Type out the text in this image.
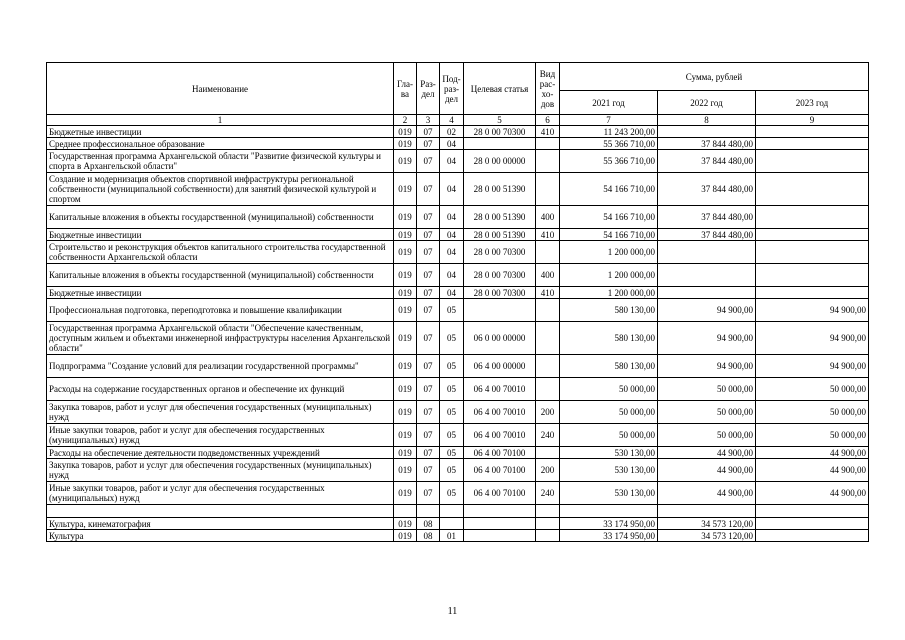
Наименование	Гла-ва	Раз-дел	Под-раз-дел	Целевая статья	Вид рас-хо-дов	Сумма, рублей		
						2021 год	2022 год	2023 год
1	2	3	4	5	6	7	8	9
Бюджетные инвестиции	019	07	02	28 0 00 70300	410	11 243 200,00		
Среднее профессиональное образование	019	07	04			55 366 710,00	37 844 480,00	
Государственная программа Архангельской области "Развитие физической культуры и спорта в Архангельской области"	019	07	04	28 0 00 00000		55 366 710,00	37 844 480,00	
Создание и модернизация объектов спортивной инфраструктуры региональной собственности (муниципальной собственности) для занятий физической культурой и спортом	019	07	04	28 0 00 51390		54 166 710,00	37 844 480,00	
Капитальные вложения в объекты государственной (муниципальной) собственности	019	07	04	28 0 00 51390	400	54 166 710,00	37 844 480,00	
Бюджетные инвестиции	019	07	04	28 0 00 51390	410	54 166 710,00	37 844 480,00	
Строительство и реконструкция объектов капитального строительства государственной собственности Архангельской области	019	07	04	28 0 00 70300		1 200 000,00		
Капитальные вложения в объекты государственной (муниципальной) собственности	019	07	04	28 0 00 70300	400	1 200 000,00		
Бюджетные инвестиции	019	07	04	28 0 00 70300	410	1 200 000,00		
Профессиональная подготовка, переподготовка и повышение квалификации	019	07	05			580 130,00	94 900,00	94 900,00
Государственная программа Архангельской области "Обеспечение качественным, доступным жильем и объектами инженерной инфраструктуры населения Архангельской области"	019	07	05	06 0 00 00000		580 130,00	94 900,00	94 900,00
Подпрограмма "Создание условий для реализации государственной программы"	019	07	05	06 4 00 00000		580 130,00	94 900,00	94 900,00
Расходы на содержание государственных органов и обеспечение их функций	019	07	05	06 4 00 70010		50 000,00	50 000,00	50 000,00
Закупка товаров, работ и услуг для обеспечения государственных (муниципальных) нужд	019	07	05	06 4 00 70010	200	50 000,00	50 000,00	50 000,00
Иные закупки товаров, работ и услуг для обеспечения государственных (муниципальных) нужд	019	07	05	06 4 00 70010	240	50 000,00	50 000,00	50 000,00
Расходы на обеспечение деятельности подведомственных учреждений	019	07	05	06 4 00 70100		530 130,00	44 900,00	44 900,00
Закупка товаров, работ и услуг для обеспечения государственных (муниципальных) нужд	019	07	05	06 4 00 70100	200	530 130,00	44 900,00	44 900,00
Иные закупки товаров, работ и услуг для обеспечения государственных (муниципальных) нужд	019	07	05	06 4 00 70100	240	530 130,00	44 900,00	44 900,00

Культура, кинематография	019	08				33 174 950,00	34 573 120,00	
Культура	019	08	01			33 174 950,00	34 573 120,00	
11
